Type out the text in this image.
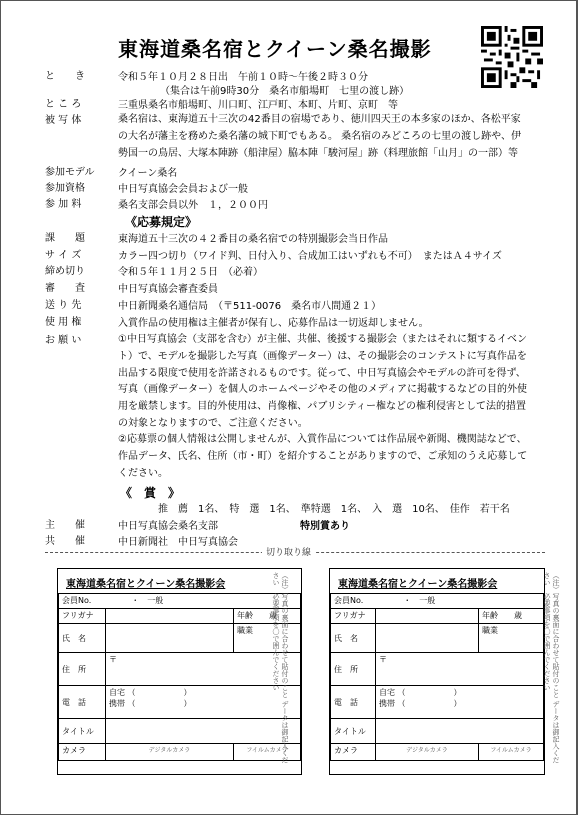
東海道桑名宿とクイーン桑名撮影
と　　き	令和５年１０月２８日出　午前１０時～午後２時３０分
（集合は午前9時30分　桑名市船場町　七里の渡し跡）
と こ ろ	三重県桑名市船場町、川口町、江戸町、本町、片町、京町　等
被 写 体	桑名宿は、東海道五十三次の42番目の宿場であり、徳川四天王の本多家のほか、各松平家の大名が藩主を務めた桑名藩の城下町でもある。 桑名宿のみどころの七里の渡し跡や、伊勢国一の鳥居、大塚本陣跡（船津屋）脇本陣「駿河屋」跡（料理旅館「山月」の一部）等
参加モデル	クイーン桑名
参加資格	中日写真協会会員および一般
参 加 料	桑名支部会員以外　１，２００円
《応募規定》
課　　題	東海道五十三次の４２番目の桑名宿での特別撮影会当日作品
サ イ ズ	カラー四つ切り（ワイド判、日付入り、合成加工はいずれも不可）　またはＡ４サイズ
締め切り	令和５年１１月２５日　（必着）
審　　査	中日写真協会審査委員
送 り 先	中日新聞桑名通信局　（〒511-0076　桑名市八間通２１）
使 用 権	入賞作品の使用権は主催者が保有し、応募作品は一切返却しません。
お 願 い	①中日写真協会（支部を含む）が主催、共催、後援する撮影会（またはそれに類するイベント）で、モデルを撮影した写真（画像データー）は、その撮影会のコンテストに写真作品を出品する限度で使用を許諾されるものです。従って、中日写真協会やモデルの許可を得ず、写真（画像データー）を個人のホームページやその他のメディアに掲載するなどの目的外使用を厳禁します。目的外使用は、肖像権、パブリシティー権などの権利侵害として法的措置の対象となりますので、ご注意ください。
②応募票の個人情報は公開しませんが、入賞作品については作品展や新聞、機関誌などで、作品データ、氏名、住所（市・町）を紹介することがありますので、ご承知のうえ応募してください。
《　賞　》
推　薦　1名、　特　選　1名、　準特選　1名、　入　選　10名、　佳作　若干名
主　　催	中日写真協会桑名支部	特別賞あり
共　　催	中日新聞社　中日写真協会
切り取り線
東海道桑名宿とクイーン桑名撮影会
会員No. ・　一般		
フリガナ		年齢　　歳
氏　名		職業
住　所	〒	
電　話	自宅 （　　　　　　）
携帯 （　　　　　　）	
タイトル		
カメラ	デジタルカメラ	フイルムカメラ
（注）写真の裏面に合わせて貼付のこと データは御記入ください　必要事項を〇で囲んでください	東海道桑名宿とクイーン桑名撮影会
会員No. ・　一般		
フリガナ		年齢　　歳
氏　名		職業
住　所	〒	
電　話	自宅 （　　　　　　）
携帯 （　　　　　　）	
タイトル		
カメラ	デジタルカメラ	フイルムカメラ	（注）写真の裏面に合わせて貼付のこと データは御記入ください　必要事項を〇で囲んでください
